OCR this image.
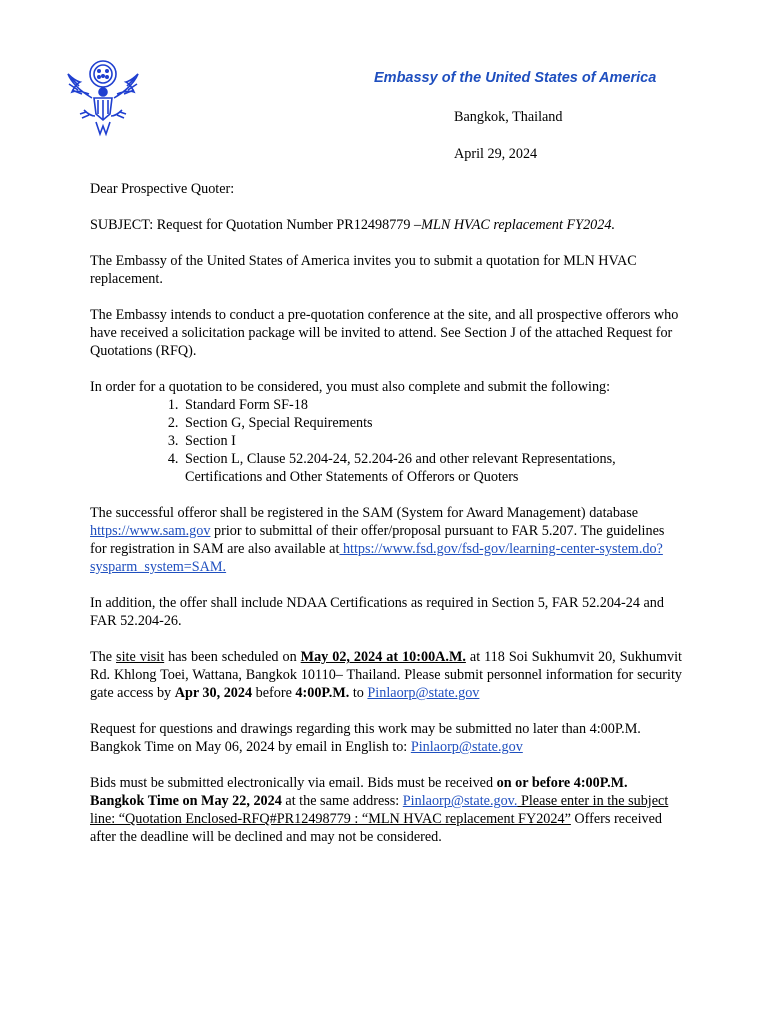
Embassy of the United States of America
Bangkok, Thailand
April 29, 2024

Dear Prospective Quoter:

SUBJECT: Request for Quotation Number PR12498779 –MLN HVAC replacement FY2024.

The Embassy of the United States of America invites you to submit a quotation for MLN HVAC replacement.

The Embassy intends to conduct a pre-quotation conference at the site, and all prospective offerors who have received a solicitation package will be invited to attend. See Section J of the attached Request for Quotations (RFQ).

In order for a quotation to be considered, you must also complete and submit the following:

1. Standard Form SF-18
2. Section G, Special Requirements
3. Section I
4. Section L, Clause 52.204-24, 52.204-26 and other relevant Representations, Certifications and Other Statements of Offerors or Quoters

The successful offeror shall be registered in the SAM (System for Award Management) database https://www.sam.gov prior to submittal of their offer/proposal pursuant to FAR 5.207. The guidelines for registration in SAM are also available at https://www.fsd.gov/fsd-gov/learning-center-system.do?sysparm_system=SAM.

In addition, the offer shall include NDAA Certifications as required in Section 5, FAR 52.204-24 and FAR 52.204-26.

The site visit has been scheduled on May 02, 2024 at 10:00A.M. at 118 Soi Sukhumvit 20, Sukhumvit Rd. Khlong Toei, Wattana, Bangkok 10110– Thailand. Please submit personnel information for security gate access by Apr 30, 2024 before 4:00P.M. to Pinlaorp@state.gov

Request for questions and drawings regarding this work may be submitted no later than 4:00P.M. Bangkok Time on May 06, 2024 by email in English to: Pinlaorp@state.gov

Bids must be submitted electronically via email. Bids must be received on or before 4:00P.M. Bangkok Time on May 22, 2024 at the same address: Pinlaorp@state.gov. Please enter in the subject line: “Quotation Enclosed-RFQ#PR12498779 : “MLN HVAC replacement FY2024” Offers received after the deadline will be declined and may not be considered.
